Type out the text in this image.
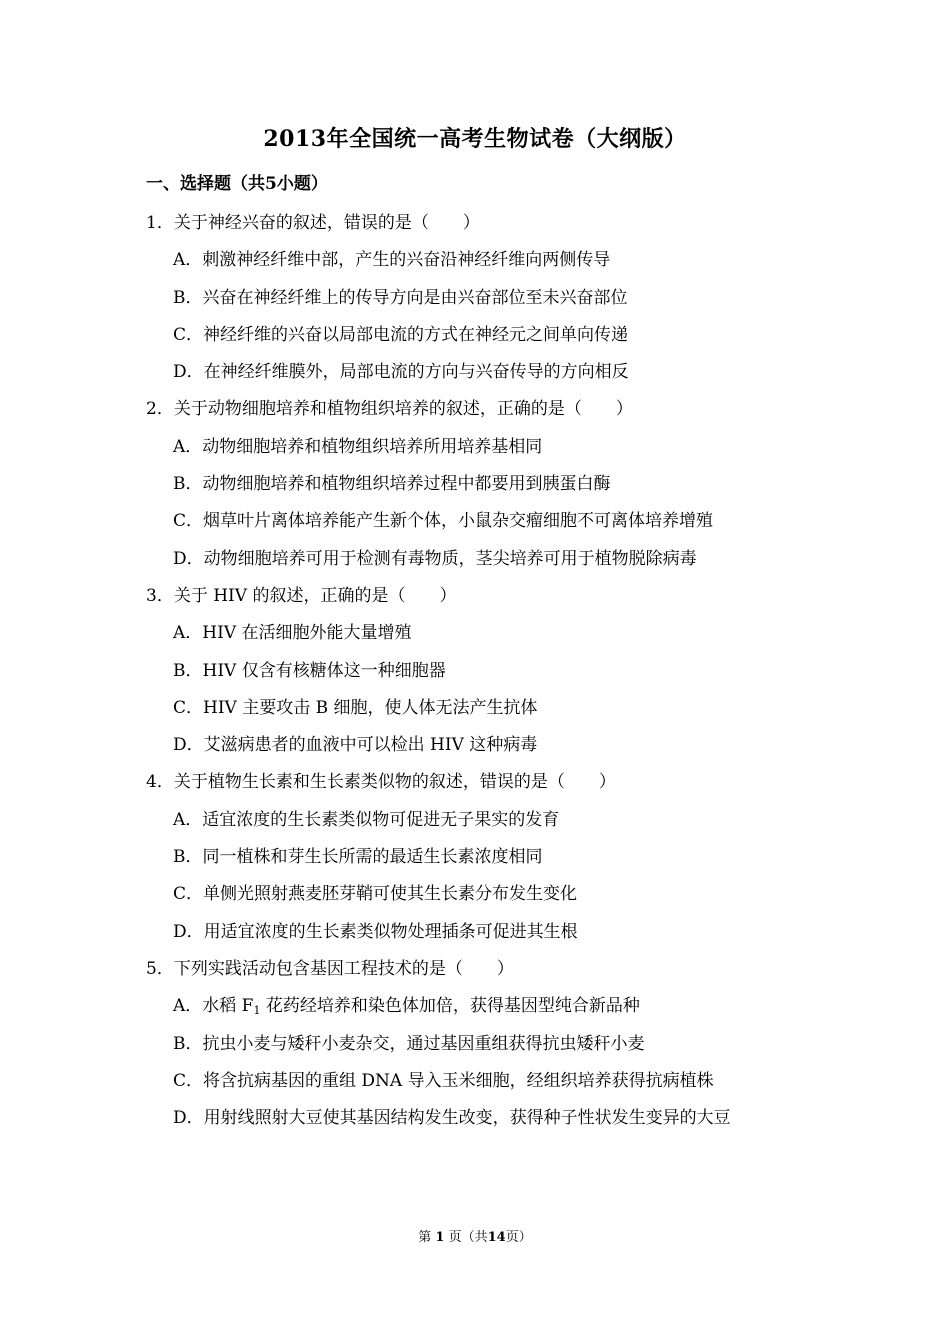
2013年全国统一高考生物试卷（大纲版）
一、选择题（共5小题）
1 ． 关于神经兴奋的叙述，错误的是（　　）
A ． 刺激神经纤维中部，产生的兴奋沿神经纤维向两侧传导
B ． 兴奋在神经纤维上的传导方向是由兴奋部位至未兴奋部位
C ． 神经纤维的兴奋以局部电流的方式在神经元之间单向传递
D ． 在神经纤维膜外，局部电流的方向与兴奋传导的方向相反
2 ． 关于动物细胞培养和植物组织培养的叙述，正确的是（　　）
A ． 动物细胞培养和植物组织培养所用培养基相同
B ． 动物细胞培养和植物组织培养过程中都要用到胰蛋白酶
C ． 烟草叶片离体培养能产生新个体，小鼠杂交瘤细胞不可离体培养增殖
D ． 动物细胞培养可用于检测有毒物质，茎尖培养可用于植物脱除病毒
3 ． 关于 HIV 的叙述，正确的是（　　）
A ． HIV 在活细胞外能大量增殖
B ． HIV 仅含有核糖体这一种细胞器
C ． HIV 主要攻击 B 细胞，使人体无法产生抗体
D ． 艾滋病患者的血液中可以检出 HIV 这种病毒
4 ． 关于植物生长素和生长素类似物的叙述，错误的是（　　）
A ． 适宜浓度的生长素类似物可促进无子果实的发育
B ． 同一植株和芽生长所需的最适生长素浓度相同
C ． 单侧光照射燕麦胚芽鞘可使其生长素分布发生变化
D ． 用适宜浓度的生长素类似物处理插条可促进其生根
5 ． 下列实践活动包含基因工程技术的是（　　）
A ． 水稻 $F_1$ 花药经培养和染色体加倍，获得基因型纯合新品种
B ． 抗虫小麦与矮秆小麦杂交，通过基因重组获得抗虫矮秆小麦
C ． 将含抗病基因的重组 DNA 导入玉米细胞，经组织培养获得抗病植株
D ． 用射线照射大豆使其基因结构发生改变，获得种子性状发生变异的大豆
第 1 页（共14页）
